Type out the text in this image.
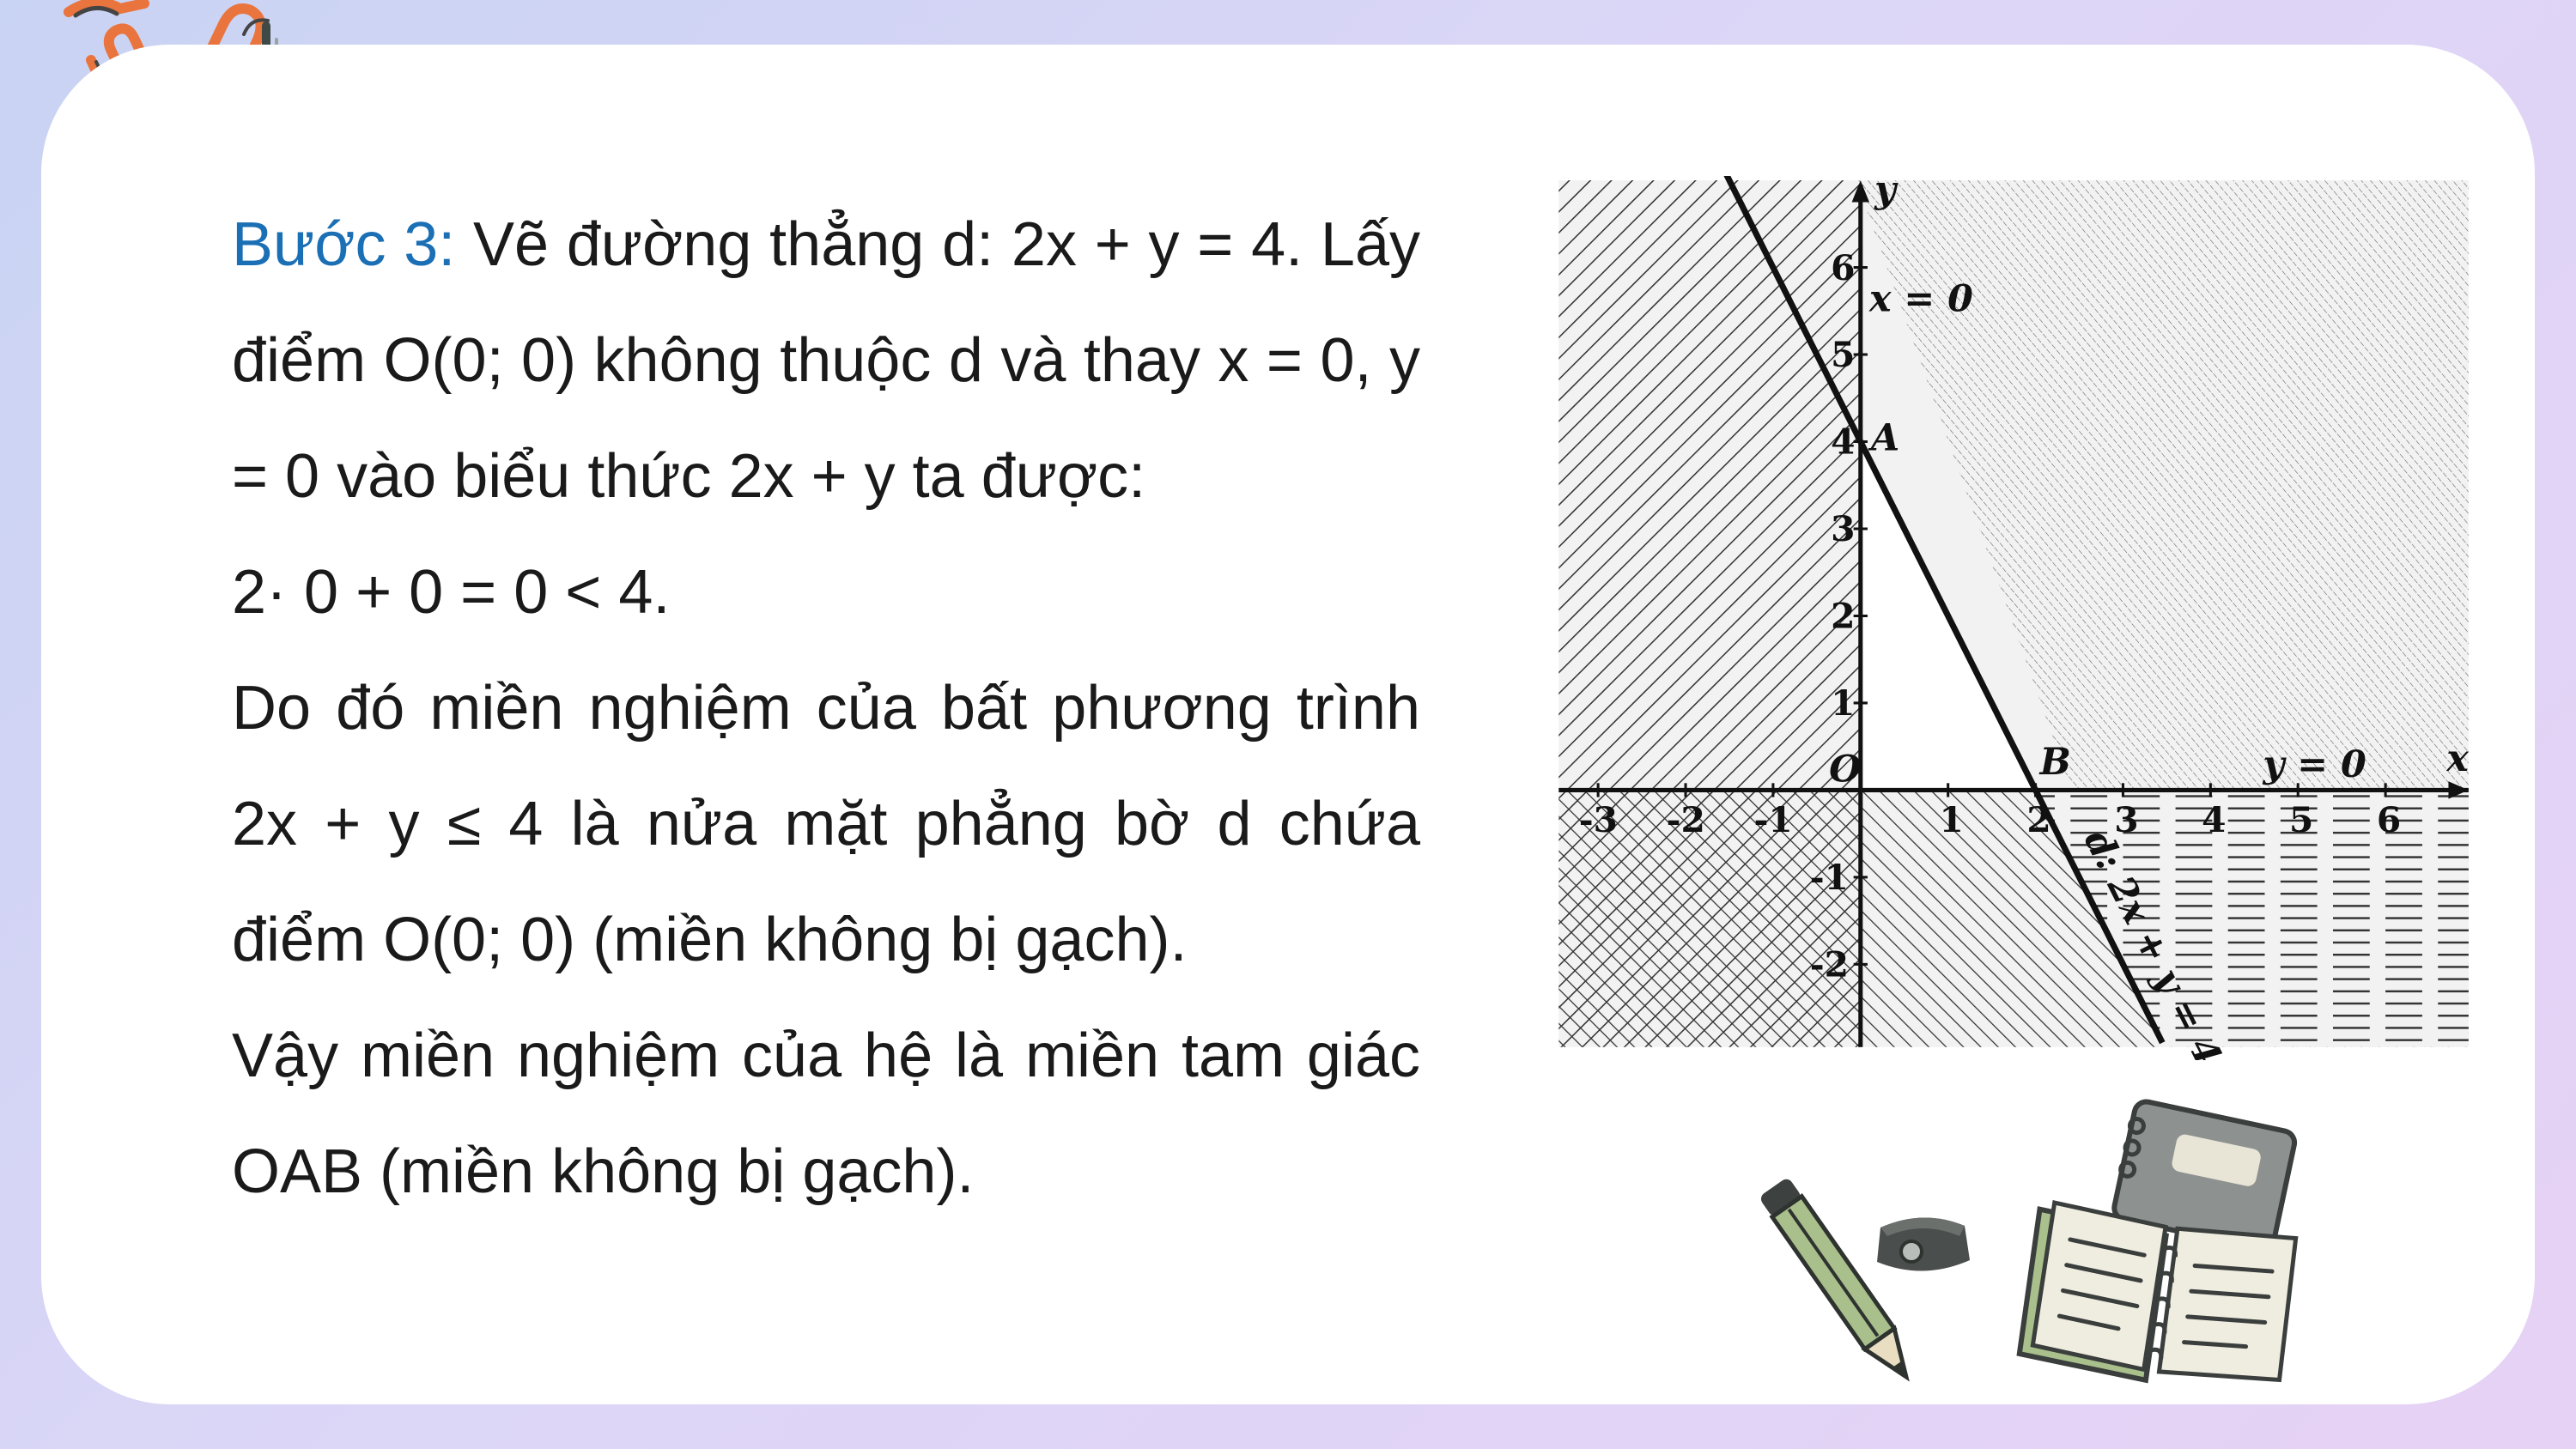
Bước 3: Vẽ đường thẳng d: 2x + y = 4. Lấy điểm O(0; 0) không thuộc d và thay x = 0, y = 0 vào biểu thức 2x + y ta được:
2· 0 + 0 = 0 < 4.

Do đó miền nghiệm của bất phương trình 2x + y ≤ 4 là nửa mặt phẳng bờ d chứa điểm O(0; 0) (miền không bị gạch).

Vậy miền nghiệm của hệ là miền tam giác OAB (miền không bị gạch).
